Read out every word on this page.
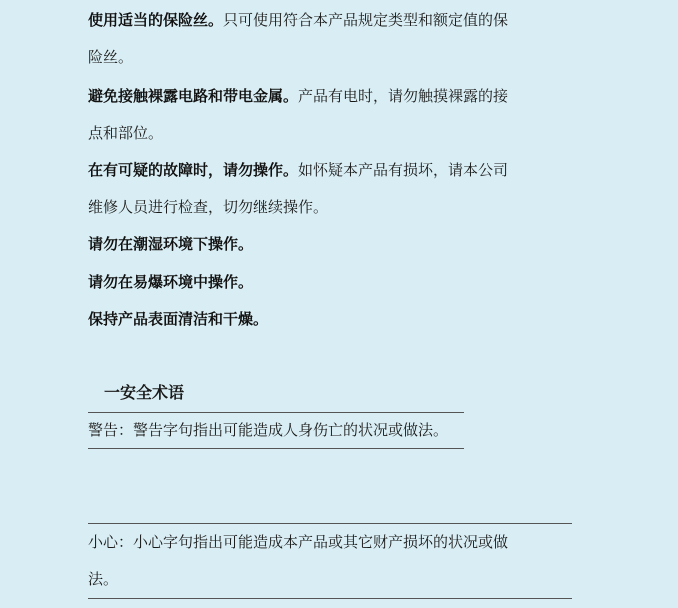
使用适当的保险丝。只可使用符合本产品规定类型和额定值的保
险丝。
避免接触裸露电路和带电金属。产品有电时，请勿触摸裸露的接
点和部位。
在有可疑的故障时，请勿操作。如怀疑本产品有损坏，请本公司
维修人员进行检查，切勿继续操作。
请勿在潮湿环境下操作。
请勿在易爆环境中操作。
保持产品表面清洁和干燥。
一安全术语
警告：警告字句指出可能造成人身伤亡的状况或做法。
小心：小心字句指出可能造成本产品或其它财产损坏的状况或做
法。
